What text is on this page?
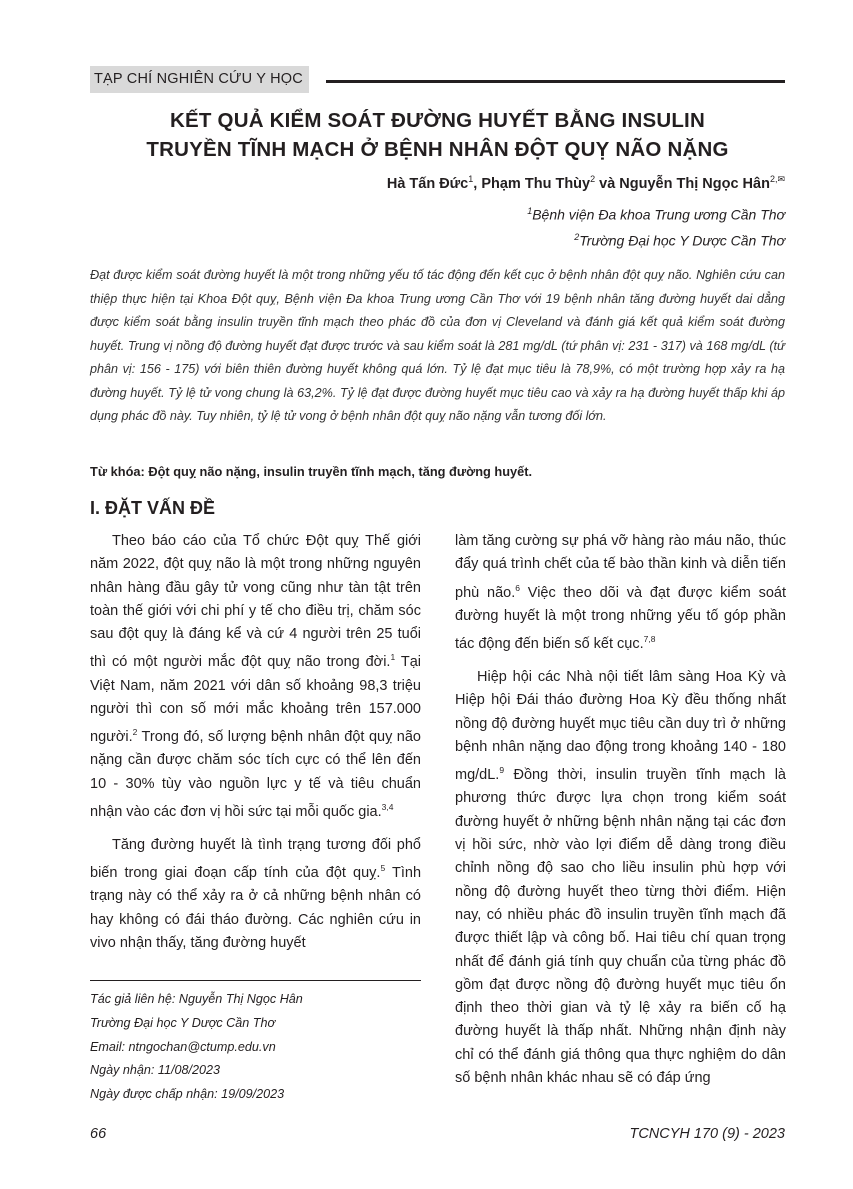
TẠP CHÍ NGHIÊN CỨU Y HỌC
KẾT QUẢ KIỂM SOÁT ĐƯỜNG HUYẾT BẰNG INSULIN
TRUYỀN TĨNH MẠCH Ở BỆNH NHÂN ĐỘT QUỴ NÃO NẶNG
Hà Tấn Đức$^1$, Phạm Thu Thùy$^2$ và Nguyễn Thị Ngọc Hân$^{2,✉}$
$^1$Bệnh viện Đa khoa Trung ương Cần Thơ
$^2$Trường Đại học Y Dược Cần Thơ
Đạt được kiểm soát đường huyết là một trong những yếu tố tác động đến kết cục ở bệnh nhân đột quỵ não. Nghiên cứu can thiệp thực hiện tại Khoa Đột quỵ, Bệnh viện Đa khoa Trung ương Cần Thơ với 19 bệnh nhân tăng đường huyết dai dẳng được kiểm soát bằng insulin truyền tĩnh mạch theo phác đồ của đơn vị Cleveland và đánh giá kết quả kiểm soát đường huyết. Trung vị nồng độ đường huyết đạt được trước và sau kiểm soát là 281 mg/dL (tứ phân vị: 231 - 317) và 168 mg/dL (tứ phân vị: 156 - 175) với biên thiên đường huyết không quá lớn. Tỷ lệ đạt mục tiêu là 78,9%, có một trường hợp xảy ra hạ đường huyết. Tỷ lệ tử vong chung là 63,2%. Tỷ lệ đạt được đường huyết mục tiêu cao và xảy ra hạ đường huyết thấp khi áp dụng phác đồ này. Tuy nhiên, tỷ lệ tử vong ở bệnh nhân đột quỵ não nặng vẫn tương đối lớn.
Từ khóa: Đột quỵ não nặng, insulin truyền tĩnh mạch, tăng đường huyết.
I. ĐẶT VẤN ĐỀ

Theo báo cáo của Tổ chức Đột quỵ Thế giới năm 2022, đột quỵ não là một trong những nguyên nhân hàng đầu gây tử vong cũng như tàn tật trên toàn thế giới với chi phí y tế cho điều trị, chăm sóc sau đột quỵ là đáng kể và cứ 4 người trên 25 tuổi thì có một người mắc đột quỵ não trong đời.$^1$ Tại Việt Nam, năm 2021 với dân số khoảng 98,3 triệu người thì con số mới mắc khoảng trên 157.000 người.$^2$ Trong đó, số lượng bệnh nhân đột quỵ não nặng cần được chăm sóc tích cực có thể lên đến 10 - 30% tùy vào nguồn lực y tế và tiêu chuẩn nhận vào các đơn vị hồi sức tại mỗi quốc gia.$^{3,4}$

Tăng đường huyết là tình trạng tương đối phổ biến trong giai đoạn cấp tính của đột quỵ.$^5$ Tình trạng này có thể xảy ra ở cả những bệnh nhân có hay không có đái tháo đường. Các nghiên cứu in vivo nhận thấy, tăng đường huyết

làm tăng cường sự phá vỡ hàng rào máu não, thúc đẩy quá trình chết của tế bào thần kinh và diễn tiến phù não.$^6$ Việc theo dõi và đạt được kiểm soát đường huyết là một trong những yếu tố góp phần tác động đến biến số kết cục.$^{7,8}$

Hiệp hội các Nhà nội tiết lâm sàng Hoa Kỳ và Hiệp hội Đái tháo đường Hoa Kỳ đều thống nhất nồng độ đường huyết mục tiêu cần duy trì ở những bệnh nhân nặng dao động trong khoảng 140 - 180 mg/dL.$^9$ Đồng thời, insulin truyền tĩnh mạch là phương thức được lựa chọn trong kiểm soát đường huyết ở những bệnh nhân nặng tại các đơn vị hồi sức, nhờ vào lợi điểm dễ dàng trong điều chỉnh nồng độ sao cho liều insulin phù hợp với nồng độ đường huyết theo từng thời điểm. Hiện nay, có nhiều phác đồ insulin truyền tĩnh mạch đã được thiết lập và công bố. Hai tiêu chí quan trọng nhất để đánh giá tính quy chuẩn của từng phác đồ gồm đạt được nồng độ đường huyết mục tiêu ổn định theo thời gian và tỷ lệ xảy ra biến cố hạ đường huyết là thấp nhất. Những nhận định này chỉ có thể đánh giá thông qua thực nghiệm do dân số bệnh nhân khác nhau sẽ có đáp ứng

Tác giả liên hệ: Nguyễn Thị Ngọc Hân
Trường Đại học Y Dược Cần Thơ
Email: ntngochan@ctump.edu.vn
Ngày nhận: 11/08/2023
Ngày được chấp nhận: 19/09/2023
66	TCNCYH 170 (9) - 2023
